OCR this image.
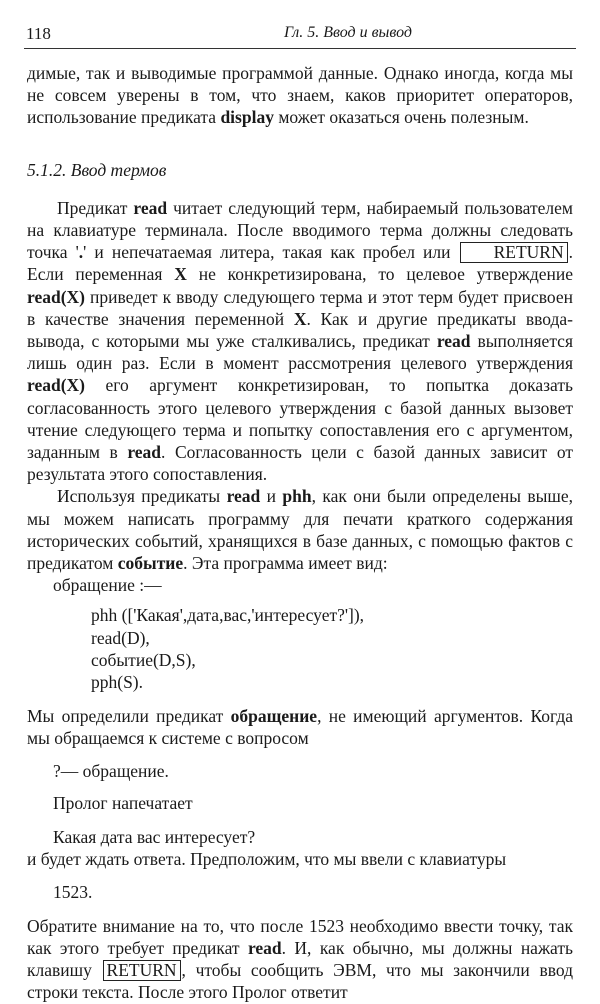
118	Гл. 5. Ввод и вывод

димые, так и выводимые программой данные. Однако иногда, когда мы не совсем уверены в том, что знаем, каков приоритет операторов, использование предиката display может оказаться очень полезным.

5.1.2. Ввод термов

Предикат read читает следующий терм, набираемый пользователем на клавиатуре терминала. После вводимого терма должны следовать точка '.' и непечатаемая литера, такая как пробел или RETURN . Если переменная X не конкретизирована, то целевое утверждение read(X) приведет к вводу следующего терма и этот терм будет присвоен в качестве значения переменной X. Как и другие предикаты ввода-вывода, с которыми мы уже сталкивались, предикат read выполняется лишь один раз. Если в момент рассмотрения целевого утверждения read(X) его аргумент конкретизирован, то попытка доказать согласованность этого целевого утверждения с базой данных вызовет чтение следующего терма и попытку сопоставления его с аргументом, заданным в read. Согласованность цели с базой данных зависит от результата этого сопоставления.

Используя предикаты read и phh, как они были определены выше, мы можем написать программу для печати краткого содержания исторических событий, хранящихся в базе данных, с помощью фактов с предикатом событие. Эта программа имеет вид:

обращение :—
phh (['Какая',дата,вас,'интересует?']),
read(D),
событие(D,S),
pph(S).

Мы определили предикат обращение, не имеющий аргументов. Когда мы обращаемся к системе с вопросом

?— обращение.
Пролог напечатает
Какая дата вас интересует?
и будет ждать ответа. Предположим, что мы ввели с клавиатуры
1523.

Обратите внимание на то, что после 1523 необходимо ввести точку, так как этого требует предикат read. И, как обычно, мы должны нажать клавишу RETURN , чтобы сообщить ЭВМ, что мы закончили ввод строки текста. После этого Пролог ответит
